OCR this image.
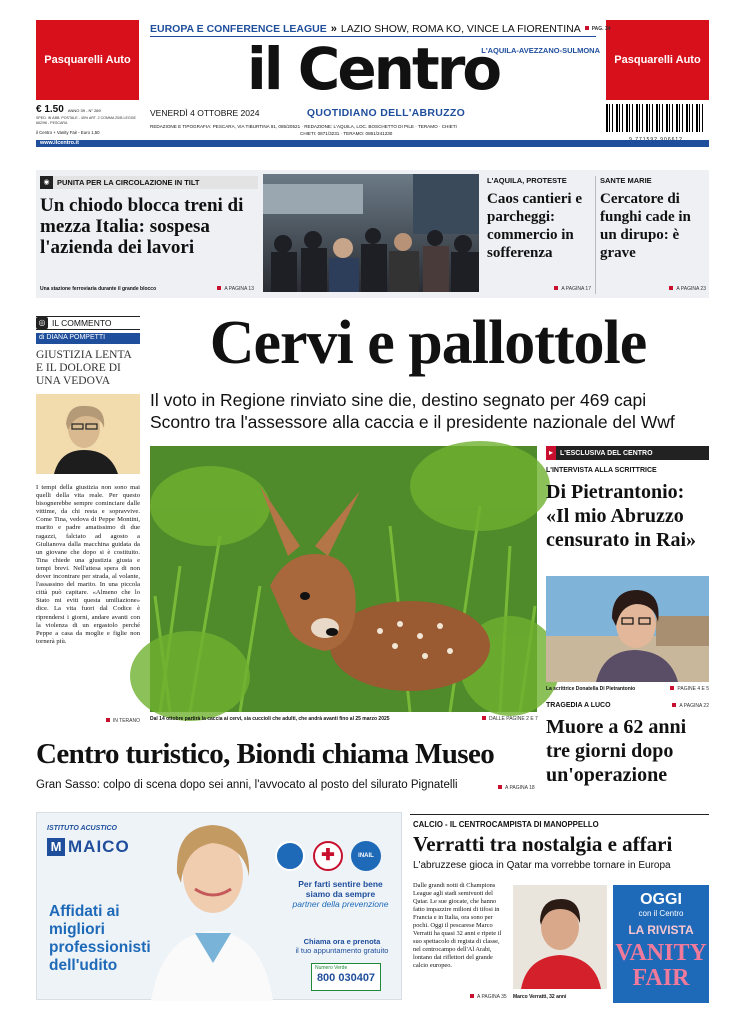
Pasquarelli Auto	Pasquarelli Auto
EUROPA E CONFERENCE LEAGUE » LAZIO SHOW, ROMA KO, VINCE LA FIORENTINA	PAG. 34
il Centro
L'AQUILA-AVEZZANO-SULMONA
QUOTIDIANO DELL'ABRUZZO
€ 1.50 ANNO 39 - N° 269
SPED. IN ABB. POSTALE - 45% ART. 2 COMMA 20/B LEGGE 662/96 - PESCARA
il Centro + Vanity Fair - Euro 1,50
VENERDÌ 4 OTTOBRE 2024
REDAZIONE E TIPOGRAFIA: PESCARA, VIA TIBURTINA 91, 085/20521 · REDAZIONE: L'AQUILA, LOC. BOSCHETTO DI PILE · TERAMO · CHIETI
CHIETI: 0871/3231 · TERAMO: 0861/241230
www.ilcentro.it
◉ PUNITA PER LA CIRCOLAZIONE IN TILT
Un chiodo blocca treni di mezza Italia: sospesa l'azienda dei lavori
Una stazione ferroviaria durante il grande blocco	A PAGINA 13
L'AQUILA, PROTESTE
Caos cantieri e parcheggi: commercio in sofferenza
A PAGINA 17
SANTE MARIE
Cercatore di funghi cade in un dirupo: è grave
A PAGINA 23
◎ IL COMMENTO
di DIANA POMPETTI
GIUSTIZIA LENTA E IL DOLORE DI UNA VEDOVA
I tempi della giustizia non sono mai quelli della vita reale. Per questo bisognerebbe sempre cominciare dalle vittime, da chi resta e sopravvive. Come Tina, vedova di Peppe Montini, marito e padre amatissimo di due ragazzi, falciato ad agosto a Giulianova dalla macchina guidata da un giovane che dopo si è costituito. Tina chiede una giustizia giusta e tempi brevi. Nell'attesa spera di non dover incontrare per strada, al volante, l'assassino del marito. In una piccola città può capitare. «Almeno che lo Stato mi eviti questa umiliazione» dice. La vita fuori dal Codice è riprendersi i giorni, andare avanti con la violenza di un ergastolo perché Peppe a casa da moglie e figlie non tornerà più.
IN TERANO
Cervi e pallottole
Il voto in Regione rinviato sine die, destino segnato per 469 capi
Scontro tra l'assessore alla caccia e il presidente nazionale del Wwf
Dal 14 ottobre partirà la caccia ai cervi, sia cuccioli che adulti, che andrà avanti fino al 25 marzo 2025	DALLE PAGINE 2 E 7
▸	L'ESCLUSIVA DEL CENTRO
L'INTERVISTA ALLA SCRITTRICE
Di Pietrantonio: «Il mio Abruzzo censurato in Rai»
La scrittrice Donatella Di Pietrantonio	PAGINE 4 E 5
TRAGEDIA A LUCO	A PAGINA 22
Muore a 62 anni tre giorni dopo un'operazione
Centro turistico, Biondi chiama Museo
Gran Sasso: colpo di scena dopo sei anni, l'avvocato al posto del silurato Pignatelli	A PAGINA 18
ISTITUTO ACUSTICO
M MAICO
Affidati ai migliori professionisti dell'udito
✚	INAIL
Per farti sentire bene
siamo da sempre
partner della prevenzione
Chiama ora e prenota
il tuo appuntamento gratuito
Numero Verde
800 030407
CALCIO - IL CENTROCAMPISTA DI MANOPPELLO
Verratti tra nostalgia e affari
L'abruzzese gioca in Qatar ma vorrebbe tornare in Europa
Dalle grandi notti di Champions League agli stadi semivuoti del Qatar. Le sue giocate, che hanno fatto impazzire milioni di tifosi in Francia e in Italia, ora sono per pochi. Oggi il pescarese Marco Verratti ha quasi 32 anni e ripete il suo spettacolo di regista di classe, nel centrocampo dell'Al Arabi, lontano dai riflettori del grande calcio europeo.
A PAGINA 35 Marco Verratti, 32 anni
OGGI
con il Centro
LA RIVISTA
VANITY FAIR
